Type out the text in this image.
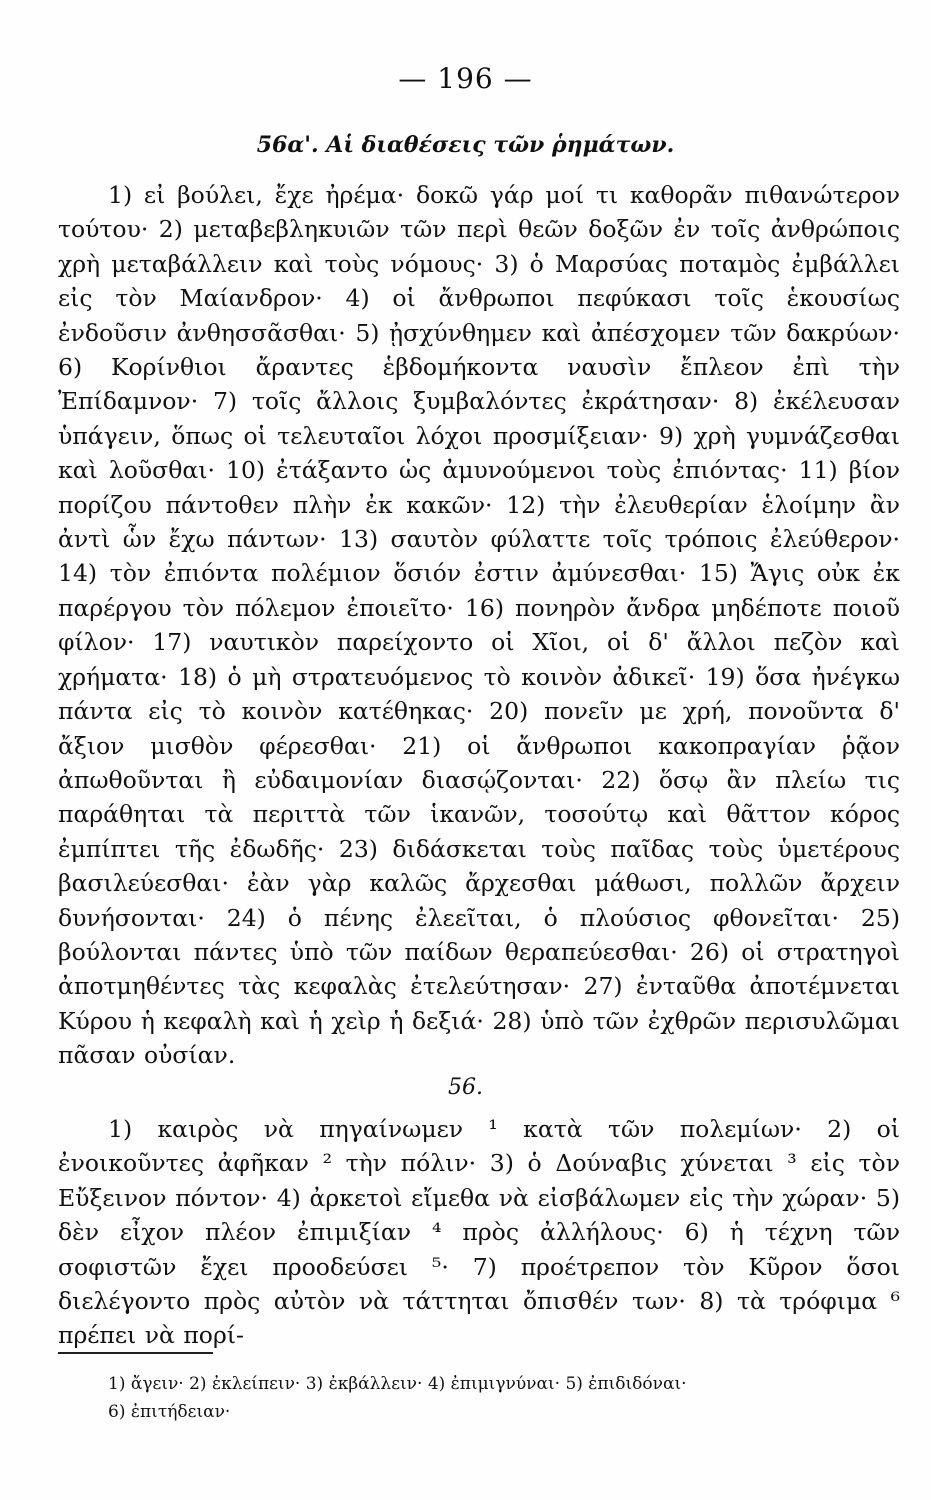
— 196 —
56α'. Αἱ διαθέσεις τῶν ῥημάτων.

1) εἰ βούλει, ἔχε ἠρέμα· δοκῶ γάρ μοί τι καθορᾶν πιθανώτερον τούτου· 2) μεταβεβληκυιῶν τῶν περὶ θεῶν δοξῶν ἐν τοῖς ἀνθρώποις χρὴ μεταβάλλειν καὶ τοὺς νόμους· 3) ὁ Μαρσύας ποταμὸς ἐμβάλλει εἰς τὸν Μαίανδρον· 4) οἱ ἄνθρωποι πεφύκασι τοῖς ἑκουσίως ἐνδοῦσιν ἀνθησσᾶσθαι· 5) ᾐσχύνθημεν καὶ ἀπέσχομεν τῶν δακρύων· 6) Κορίνθιοι ἄραντες ἑβδομήκοντα ναυσὶν ἔπλεον ἐπὶ τὴν Ἐπίδαμνον· 7) τοῖς ἄλλοις ξυμβαλόντες ἐκράτησαν· 8) ἐκέλευσαν ὑπάγειν, ὅπως οἱ τελευταῖοι λόχοι προσμίξειαν· 9) χρὴ γυμνάζεσθαι καὶ λοῦσθαι· 10) ἐτάξαντο ὡς ἀμυνούμενοι τοὺς ἐπιόντας· 11) βίον πορίζου πάντοθεν πλὴν ἐκ κακῶν· 12) τὴν ἐλευθερίαν ἑλοίμην ἂν ἀντὶ ὧν ἔχω πάντων· 13) σαυτὸν φύλαττε τοῖς τρόποις ἐλεύθερον· 14) τὸν ἐπιόντα πολέμιον ὅσιόν ἐστιν ἀμύνεσθαι· 15) Ἄγις οὐκ ἐκ παρέργου τὸν πόλεμον ἐποιεῖτο· 16) πονηρὸν ἄνδρα μηδέποτε ποιοῦ φίλον· 17) ναυτικὸν παρείχοντο οἱ Χῖοι, οἱ δ' ἄλλοι πεζὸν καὶ χρήματα· 18) ὁ μὴ στρατευόμενος τὸ κοινὸν ἀδικεῖ· 19) ὅσα ἠνέγκω πάντα εἰς τὸ κοινὸν κατέθηκας· 20) πονεῖν με χρή, πονοῦντα δ' ἄξιον μισθὸν φέρεσθαι· 21) οἱ ἄνθρωποι κακοπραγίαν ῥᾷον ἀπωθοῦνται ἢ εὐδαιμονίαν διασῴζονται· 22) ὅσῳ ἂν πλείω τις παράθηται τὰ περιττὰ τῶν ἱκανῶν, τοσούτῳ καὶ θᾶττον κόρος ἐμπίπτει τῆς ἐδωδῆς· 23) διδάσκεται τοὺς παῖδας τοὺς ὑμετέρους βασιλεύεσθαι· ἐὰν γὰρ καλῶς ἄρχεσθαι μάθωσι, πολλῶν ἄρχειν δυνήσονται· 24) ὁ πένης ἐλεεῖται, ὁ πλούσιος φθονεῖται· 25) βούλονται πάντες ὑπὸ τῶν παίδων θεραπεύεσθαι· 26) οἱ στρατηγοὶ ἀποτμηθέντες τὰς κεφαλὰς ἐτελεύτησαν· 27) ἐνταῦθα ἀποτέμνεται Κύρου ἡ κεφαλὴ καὶ ἡ χεὶρ ἡ δεξιά· 28) ὑπὸ τῶν ἐχθρῶν περισυλῶμαι πᾶσαν οὐσίαν.

56.

1) καιρὸς νὰ πηγαίνωμεν ¹ κατὰ τῶν πολεμίων· 2) οἱ ἐνοικοῦντες ἀφῆκαν ² τὴν πόλιν· 3) ὁ Δούναβις χύνεται ³ εἰς τὸν Εὔξεινον πόντον· 4) ἀρκετοὶ εἴμεθα νὰ εἰσβάλωμεν εἰς τὴν χώραν· 5) δὲν εἶχον πλέον ἐπιμιξίαν ⁴ πρὸς ἀλλήλους· 6) ἡ τέχνη τῶν σοφιστῶν ἔχει προοδεύσει ⁵· 7) προέτρεπον τὸν Κῦρον ὅσοι διελέγοντο πρὸς αὐτὸν νὰ τάττηται ὄπισθέν των· 8) τὰ τρόφιμα ⁶ πρέπει νὰ πορί-

1) ἄγειν· 2) ἐκλείπειν· 3) ἐκβάλλειν· 4) ἐπιμιγνύναι· 5) ἐπιδιδόναι·

6) ἐπιτήδειαν·
